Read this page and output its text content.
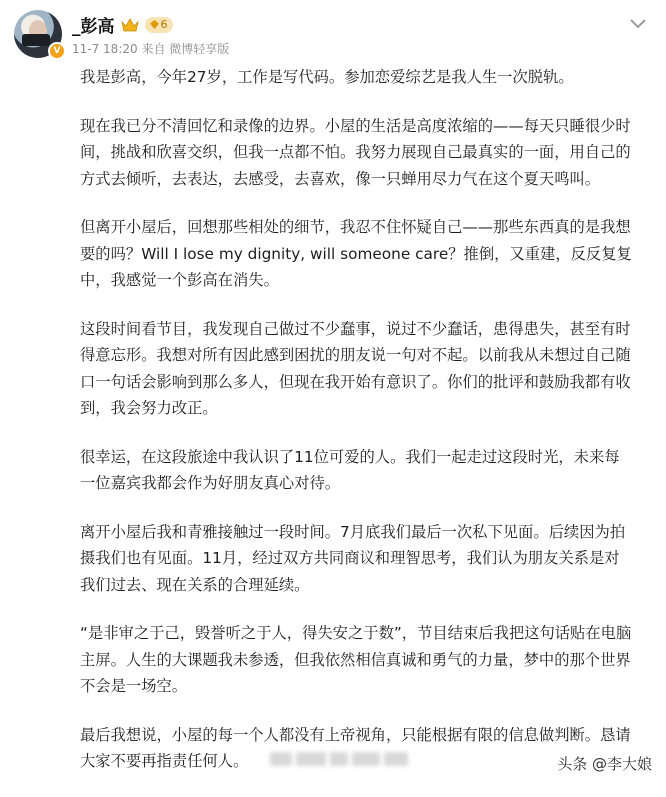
V
_彭高	6
11-7 18:20 来自 微博轻享版

我是彭高，今年27岁，工作是写代码。参加恋爱综艺是我人生一次脱轨。

现在我已分不清回忆和录像的边界。小屋的生活是高度浓缩的——每天只睡很少时
间，挑战和欣喜交织，但我一点都不怕。我努力展现自己最真实的一面，用自己的
方式去倾听，去表达，去感受，去喜欢，像一只蝉用尽力气在这个夏天鸣叫。

但离开小屋后，回想那些相处的细节，我忍不住怀疑自己——那些东西真的是我想
要的吗？Will I lose my dignity, will someone care？推倒，又重建，反反复复
中，我感觉一个彭高在消失。

这段时间看节目，我发现自己做过不少蠢事，说过不少蠢话，患得患失，甚至有时
得意忘形。我想对所有因此感到困扰的朋友说一句对不起。以前我从未想过自己随
口一句话会影响到那么多人，但现在我开始有意识了。你们的批评和鼓励我都有收
到，我会努力改正。

很幸运，在这段旅途中我认识了11位可爱的人。我们一起走过这段时光，未来每
一位嘉宾我都会作为好朋友真心对待。

离开小屋后我和青雅接触过一段时间。7月底我们最后一次私下见面。后续因为拍
摄我们也有见面。11月，经过双方共同商议和理智思考，我们认为朋友关系是对
我们过去、现在关系的合理延续。

“是非审之于己，毁誉听之于人，得失安之于数”，节目结束后我把这句话贴在电脑
主屏。人生的大课题我未参透，但我依然相信真诚和勇气的力量，梦中的那个世界
不会是一场空。

最后我想说，小屋的每一个人都没有上帝视角，只能根据有限的信息做判断。恳请
大家不要再指责任何人。	头条 @李大娘
